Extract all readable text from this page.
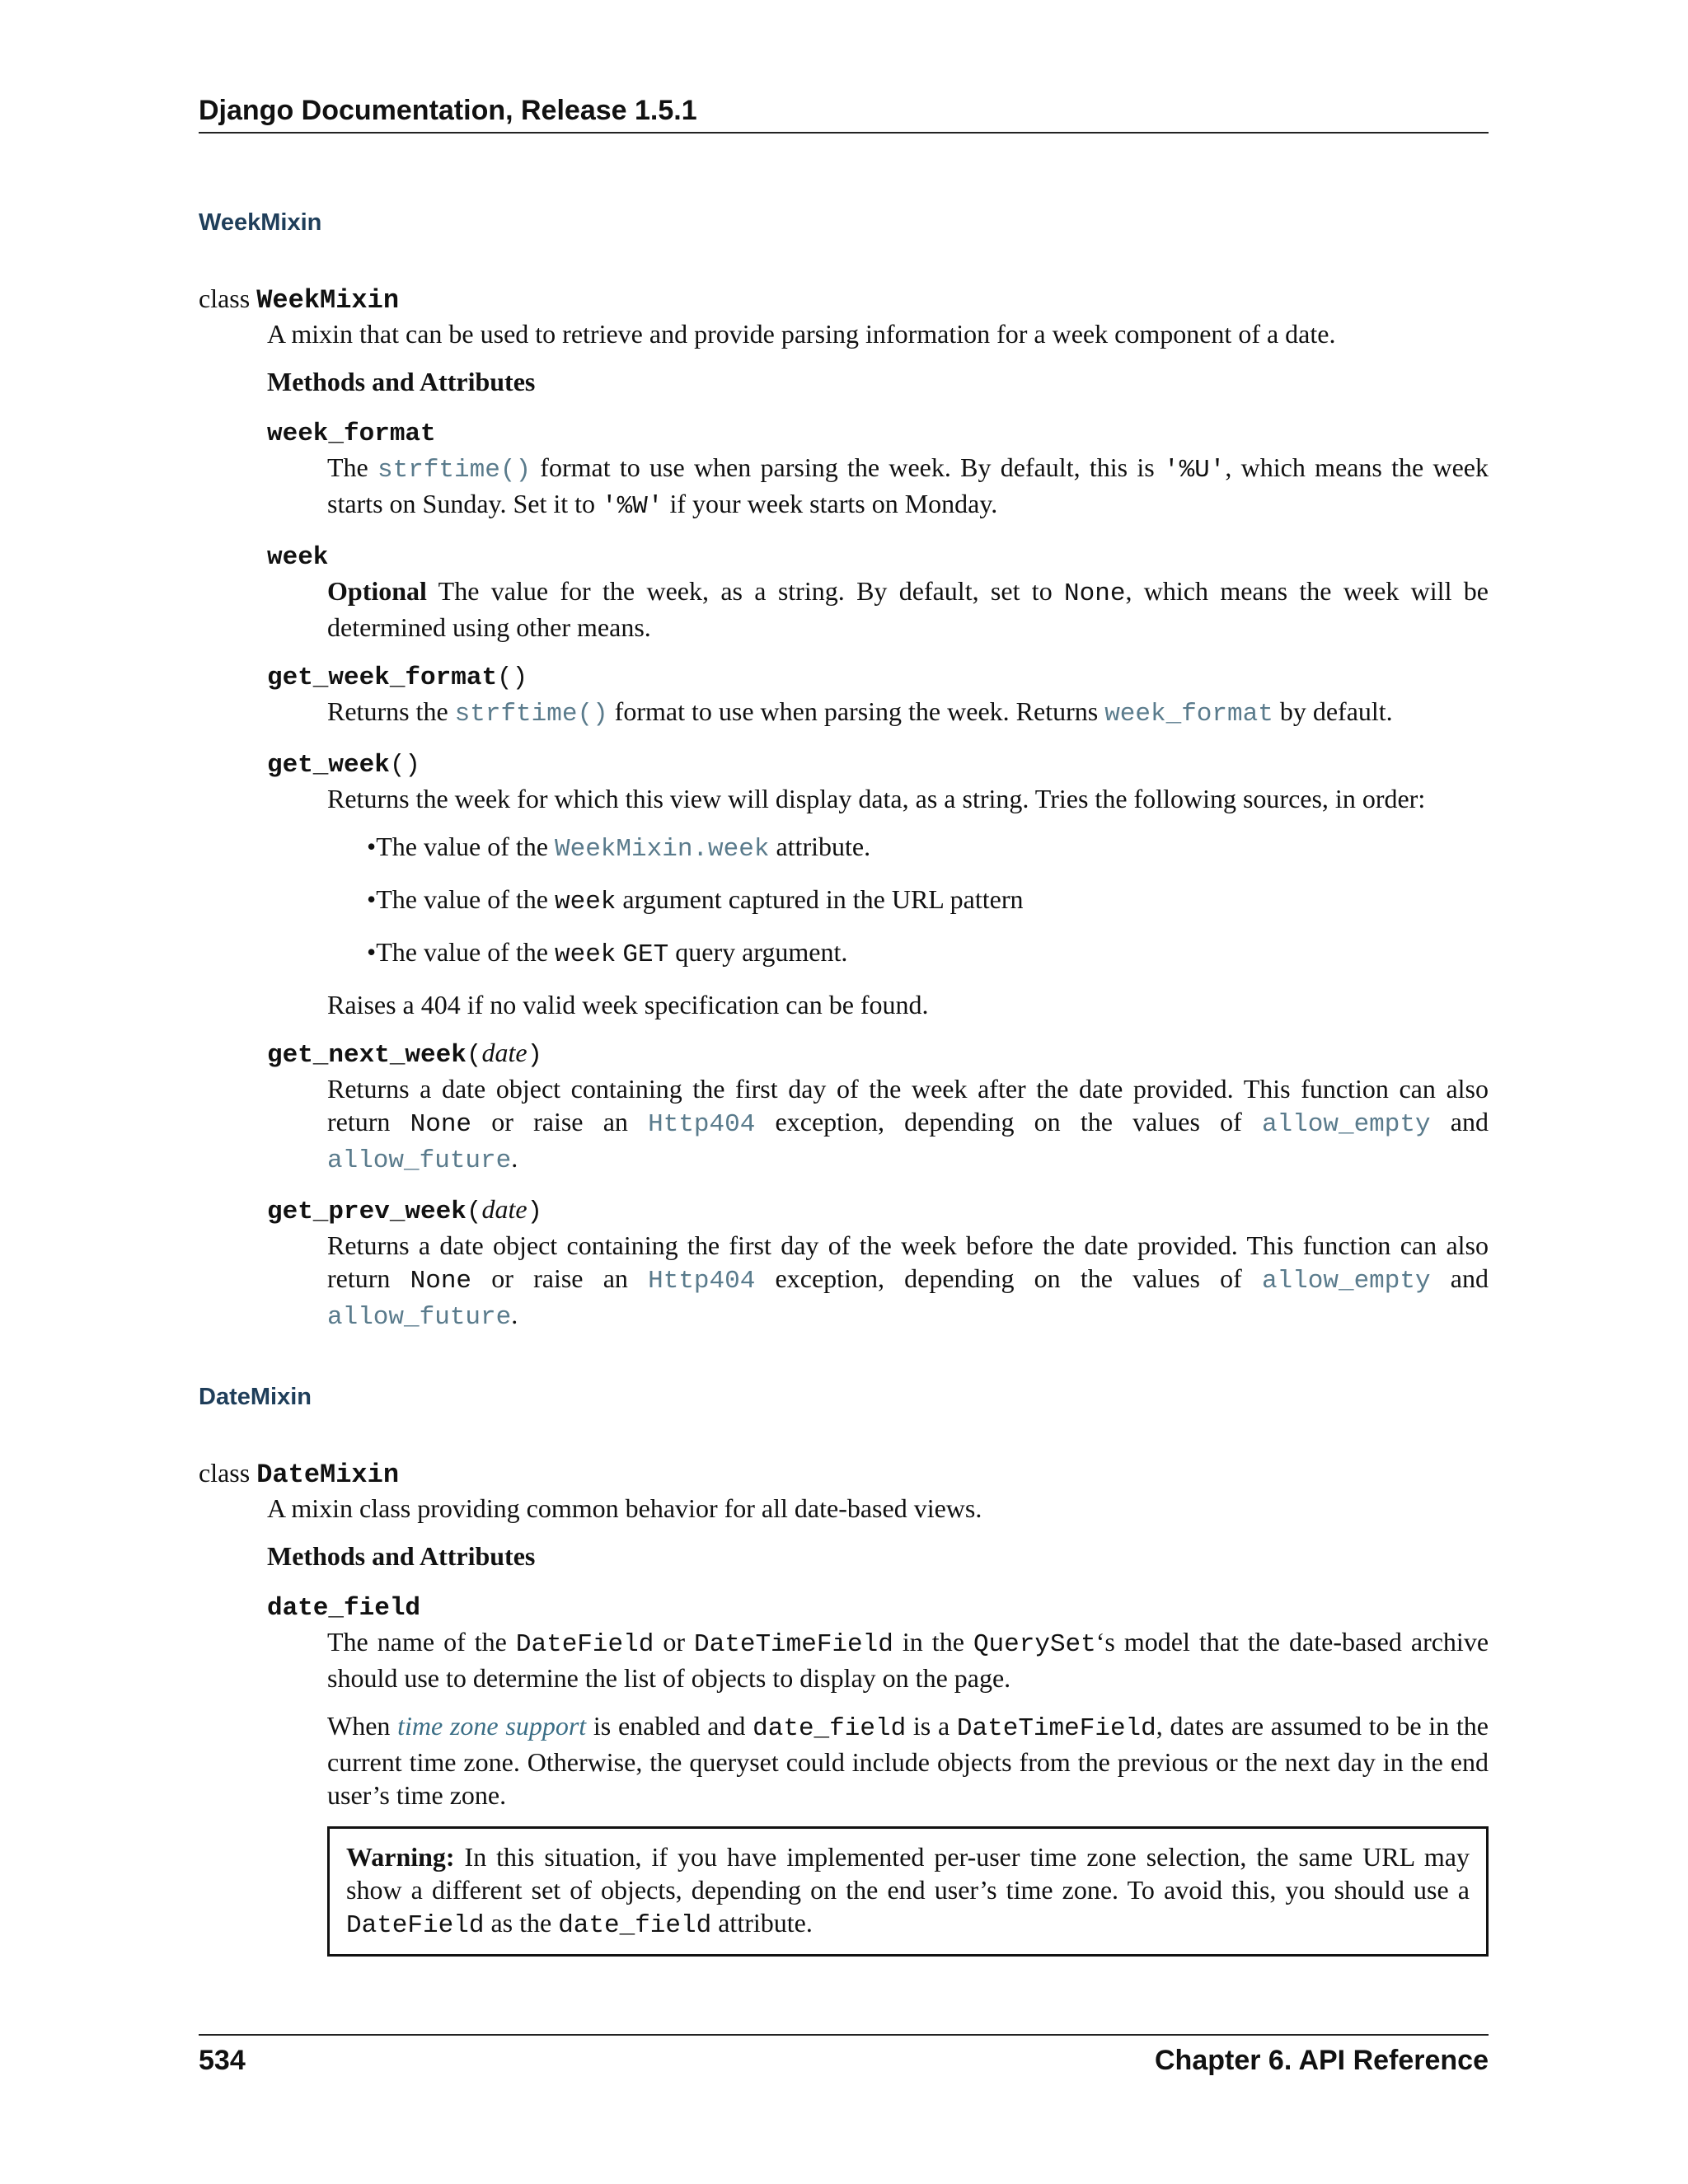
Django Documentation, Release 1.5.1
WeekMixin
class WeekMixin

A mixin that can be used to retrieve and provide parsing information for a week component of a date.

Methods and Attributes
week_format

The strftime() format to use when parsing the week. By default, this is '%U', which means the week starts on Sunday. Set it to '%W' if your week starts on Monday.

week

Optional The value for the week, as a string. By default, set to None, which means the week will be determined using other means.

get_week_format()

Returns the strftime() format to use when parsing the week. Returns week_format by default.

get_week()

Returns the week for which this view will display data, as a string. Tries the following sources, in order:

• The value of the WeekMixin.week attribute.
• The value of the week argument captured in the URL pattern
• The value of the week GET query argument.

Raises a 404 if no valid week specification can be found.

get_next_week(date)

Returns a date object containing the first day of the week after the date provided. This function can also return None or raise an Http404 exception, depending on the values of allow_empty and allow_future.

get_prev_week(date)

Returns a date object containing the first day of the week before the date provided. This function can also return None or raise an Http404 exception, depending on the values of allow_empty and allow_future.

DateMixin
class DateMixin

A mixin class providing common behavior for all date-based views.

Methods and Attributes
date_field

The name of the DateField or DateTimeField in the QuerySet‘s model that the date-based archive should use to determine the list of objects to display on the page.

When time zone support is enabled and date_field is a DateTimeField, dates are assumed to be in the current time zone. Otherwise, the queryset could include objects from the previous or the next day in the end user’s time zone.

Warning: In this situation, if you have implemented per-user time zone selection, the same URL may show a different set of objects, depending on the end user’s time zone. To avoid this, you should use a DateField as the date_field attribute.
534	Chapter 6. API Reference
